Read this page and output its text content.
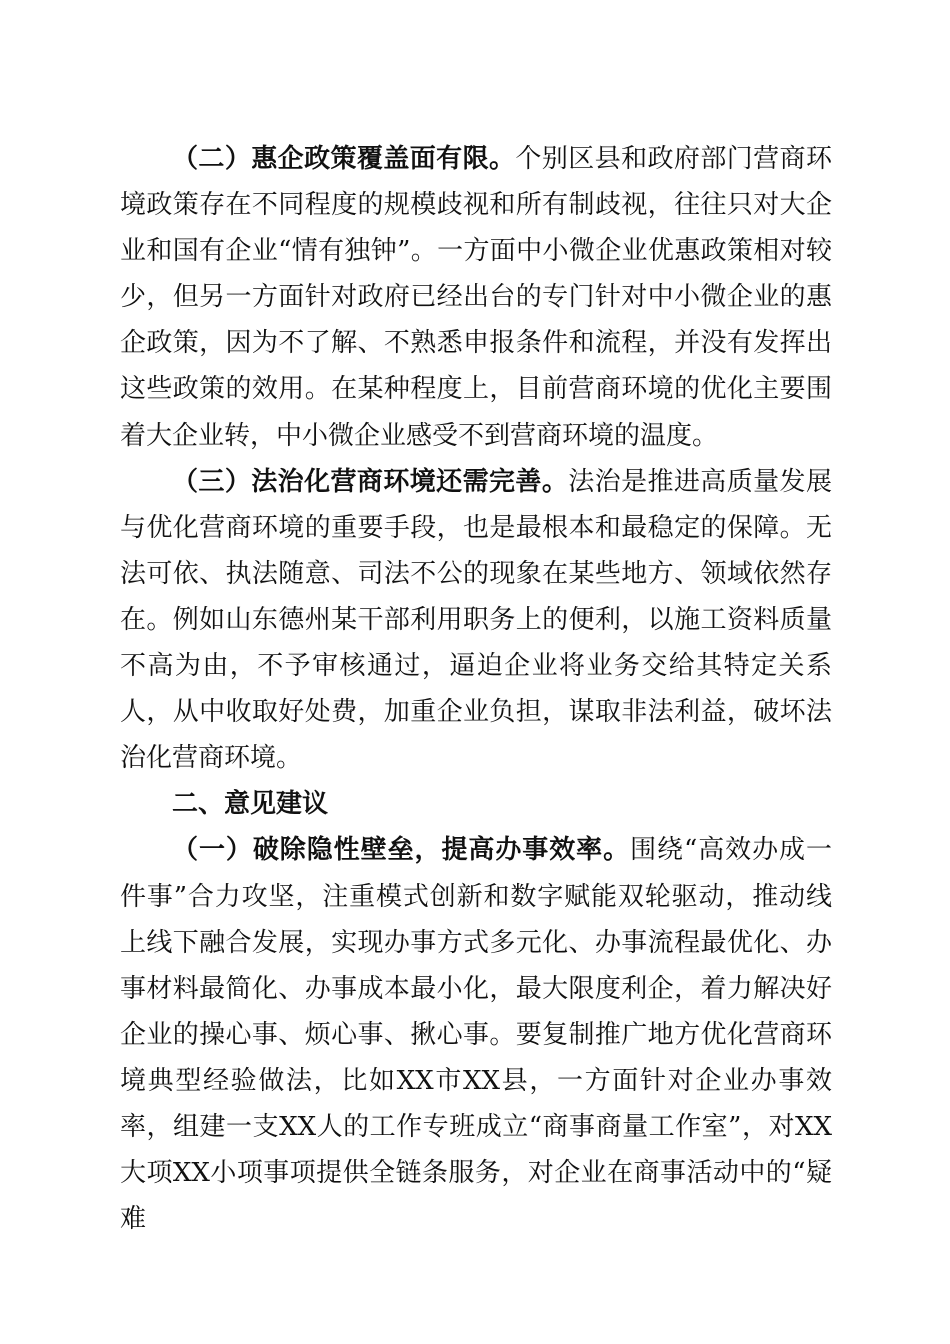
（二）惠企政策覆盖面有限。个别区县和政府部门营商环境政策存在不同程度的规模歧视和所有制歧视，往往只对大企业和国有企业“情有独钟”。一方面中小微企业优惠政策相对较少，但另一方面针对政府已经出台的专门针对中小微企业的惠企政策，因为不了解、不熟悉申报条件和流程，并没有发挥出这些政策的效用。在某种程度上，目前营商环境的优化主要围着大企业转，中小微企业感受不到营商环境的温度。

（三）法治化营商环境还需完善。法治是推进高质量发展与优化营商环境的重要手段，也是最根本和最稳定的保障。无法可依、执法随意、司法不公的现象在某些地方、领域依然存在。例如山东德州某干部利用职务上的便利，以施工资料质量不高为由，不予审核通过，逼迫企业将业务交给其特定关系人，从中收取好处费，加重企业负担，谋取非法利益，破坏法治化营商环境。

二、意见建议

（一）破除隐性壁垒，提高办事效率。围绕“高效办成一件事”合力攻坚，注重模式创新和数字赋能双轮驱动，推动线上线下融合发展，实现办事方式多元化、办事流程最优化、办事材料最简化、办事成本最小化，最大限度利企，着力解决好企业的操心事、烦心事、揪心事。要复制推广地方优化营商环境典型经验做法，比如XX市XX县，一方面针对企业办事效率，组建一支XX人的工作专班成立“商事商量工作室”，对XX大项XX小项事项提供全链条服务，对企业在商事活动中的“疑难
